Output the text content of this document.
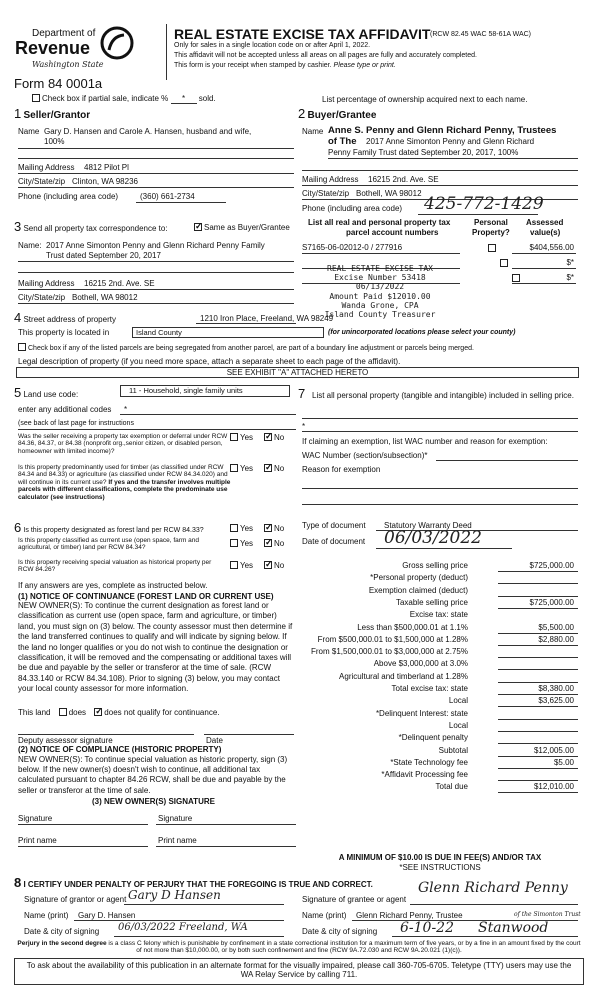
Department of
Revenue
Washington State
Form 84 0001a
REAL ESTATE EXCISE TAX AFFIDAVIT (RCW 82.45 WAC 58-61A WAC)
Only for sales in a single location code on or after April 1, 2022.
This affidavit will not be accepted unless all areas on all pages are fully and accurately completed.
This form is your receipt when stamped by cashier. Please type or print.
Check box if partial sale, indicate % * sold.	List percentage of ownership acquired next to each name.
1 Seller/Grantor
Name Gary D. Hansen and Carole A. Hansen, husband and wife,
100%
Mailing Address 4812 Pilot Pl
City/State/zip Clinton, WA 98236
Phone (including area code)	(360) 661-2734
2 Buyer/Grantee
Name Anne S. Penny and Glenn Richard Penny, Trustees
of The 2017 Anne Simonton Penny and Glenn Richard
Penny Family Trust dated September 20, 2017, 100%
Mailing Address 16215 2nd. Ave. SE
City/State/zip Bothell, WA 98012
Phone (including area code) 425-772-1429
3 Send all property tax correspondence to: ✓	Same as Buyer/Grantee
Name: 2017 Anne Simonton Penny and Glenn Richard Penny Family
Trust dated September 20, 2017
Mailing Address 16215 2nd. Ave. SE
City/State/zip Bothell, WA 98012
List all real and personal property tax
parcel account numbers
Personal
Property?
Assessed
value(s)
S7165-06-02012-0 / 277916
	$404,556.00

$*
$*
REAL ESTATE EXCISE TAX
Excise Number 53418
06/13/2022
Amount Paid $12010.00
Wanda Grone, CPA
Island County Treasurer
4 Street address of property	1210 Iron Place, Freeland, WA 98249
This property is located in	Island County	(for unincorporated locations please select your county)
Check box if any of the listed parcels are being segregated from another parcel, are part of a boundary line adjustment or parcels being merged.
Legal description of property (if you need more space, attach a separate sheet to each page of the affidavit).
SEE EXHIBIT "A" ATTACHED HERETO
5 Land use code:	11 - Household, single family units
enter any additional codes *
(see back of last page for instructions
Was the seller receiving a property tax exemption or deferral under RCW 84.36, 84.37, or 84.38 (nonprofit org.,senior citizen, or disabled person, homeowner with limited income)?
Yes ✓	No
Is this property predominantly used for timber (as classified under RCW 84.34 and 84.33) or agriculture (as classified under RCW 84.34.020) and will continue in its current use? If yes and the transfer involves multiple parcels with different classifications, complete the predominate use calculator (see instructions)
Yes ✓	No
6 Is this property designated as forest land per RCW 84.33?	Yes ✓	No
Is this property classified as current use (open space, farm and agricultural, or timber) land per RCW 84.34?	Yes ✓	No
Is this property receiving special valuation as historical property per RCW 84.26?	Yes ✓	No
If any answers are yes, complete as instructed below.
(1) NOTICE OF CONTINUANCE (FOREST LAND OR CURRENT USE)
NEW OWNER(S): To continue the current designation as forest land or classification as current use (open space, farm and agriculture, or timber) land, you must sign on (3) below. The county assessor must then determine if the land transferred continues to qualify and will indicate by signing below. If the land no longer qualifies or you do not wish to continue the designation or classification, it will be removed and the compensating or additional taxes will be due and payable by the seller or transferor at the time of sale. (RCW 84.33.140 or RCW 84.34.108). Prior to signing (3) below, you may contact your local county assessor for more information.
This land does ✓ does not qualify for continuance.
Deputy assessor signature	Date
(2) NOTICE OF COMPLIANCE (HISTORIC PROPERTY)
NEW OWNER(S): To continue special valuation as historic property, sign (3) below. If the new owner(s) doesn't wish to continue, all additional tax calculated pursuant to chapter 84.26 RCW, shall be due and payable by the seller or transferor at the time of sale.
(3) NEW OWNER(S) SIGNATURE
Signature	Signature
Print name	Print name
7 List all personal property (tangible and intangible) included in selling price.
*
If claiming an exemption, list WAC number and reason for exemption:
WAC Number (section/subsection)*
Reason for exemption
Type of document Statutory Warranty Deed
Date of document 06/03/2022
Gross selling price	$725,000.00
*Personal property (deduct)
Exemption claimed (deduct)
Taxable selling price	$725,000.00
Excise tax: state
Less than $500,000.01 at 1.1%	$5,500.00
From $500,000.01 to $1,500,000 at 1.28%	$2,880.00
From $1,500,000.01 to $3,000,000 at 2.75%
Above $3,000,000 at 3.0%
Agricultural and timberland at 1.28%
Total excise tax: state	$8,380.00
Local	$3,625.00
*Delinquent Interest: state
Local
*Delinquent penalty
Subtotal	$12,005.00
*State Technology fee	$5.00
*Affidavit Processing fee
Total due	$12,010.00
A MINIMUM OF $10.00 IS DUE IN FEE(S) AND/OR TAX
*SEE INSTRUCTIONS
8 I CERTIFY UNDER PENALTY OF PERJURY THAT THE FOREGOING IS TRUE AND CORRECT.
Signature of grantor or agent Gary D Hansen
Name (print) Gary D. Hansen
Date & city of signing 06/03/2022 Freeland, WA
Signature of grantee or agent
Glenn Richard Penny
Name (print) Glenn Richard Penny, Trustee	of the Simonton Trust
Date & city of signing 6-10-22 Stanwood
Perjury in the second degree is a class C felony which is punishable by confinement in a state correctional institution for a maximum term of five years, or by a fine in an amount fixed by the court of not more than $10,000.00, or by both such confinement and fine (RCW 9A.72.030 and RCW 9A.20.021 (1)(c)).
To ask about the availability of this publication in an alternate format for the visually impaired, please call 360-705-6705. Teletype (TTY) users may use the WA Relay Service by calling 711.
